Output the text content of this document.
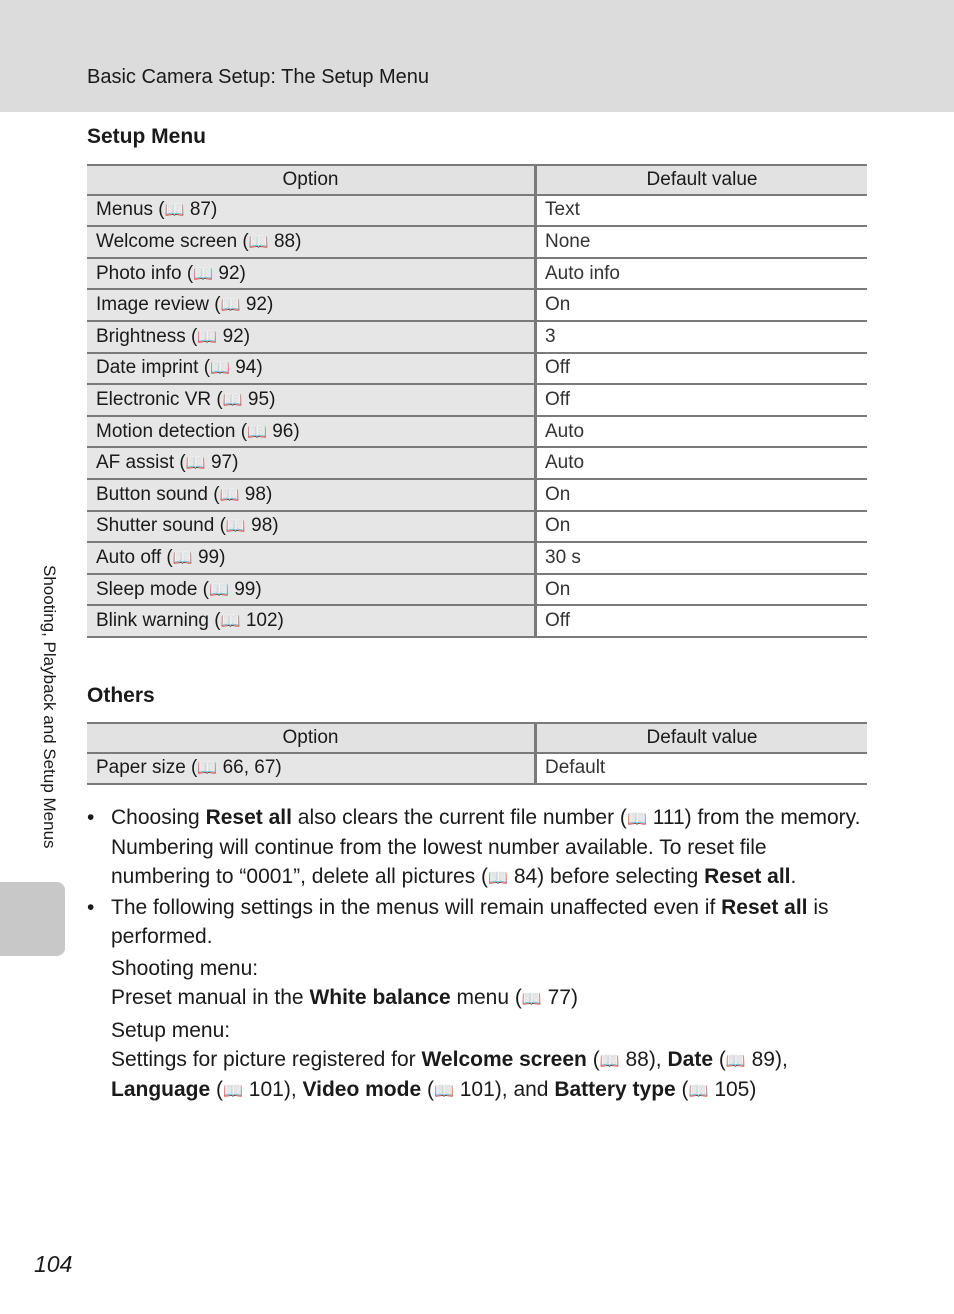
Basic Camera Setup: The Setup Menu
Setup Menu
Option	Default value
Menus (📖 87)	Text
Welcome screen (📖 88)	None
Photo info (📖 92)	Auto info
Image review (📖 92)	On
Brightness (📖 92)	3
Date imprint (📖 94)	Off
Electronic VR (📖 95)	Off
Motion detection (📖 96)	Auto
AF assist (📖 97)	Auto
Button sound (📖 98)	On
Shutter sound (📖 98)	On
Auto off (📖 99)	30 s
Sleep mode (📖 99)	On
Blink warning (📖 102)	Off
Others
Option	Default value
Paper size (📖 66, 67)	Default
• Choosing Reset all also clears the current file number (📖 111) from the memory. Numbering will continue from the lowest number available. To reset file numbering to “0001”, delete all pictures (📖 84) before selecting Reset all.
• The following settings in the menus will remain unaffected even if Reset all is performed.
Shooting menu:
Preset manual in the White balance menu (📖 77)
Setup menu:
Settings for picture registered for Welcome screen (📖 88), Date (📖 89), Language (📖 101), Video mode (📖 101), and Battery type (📖 105)
Shooting, Playback and Setup Menus
104
